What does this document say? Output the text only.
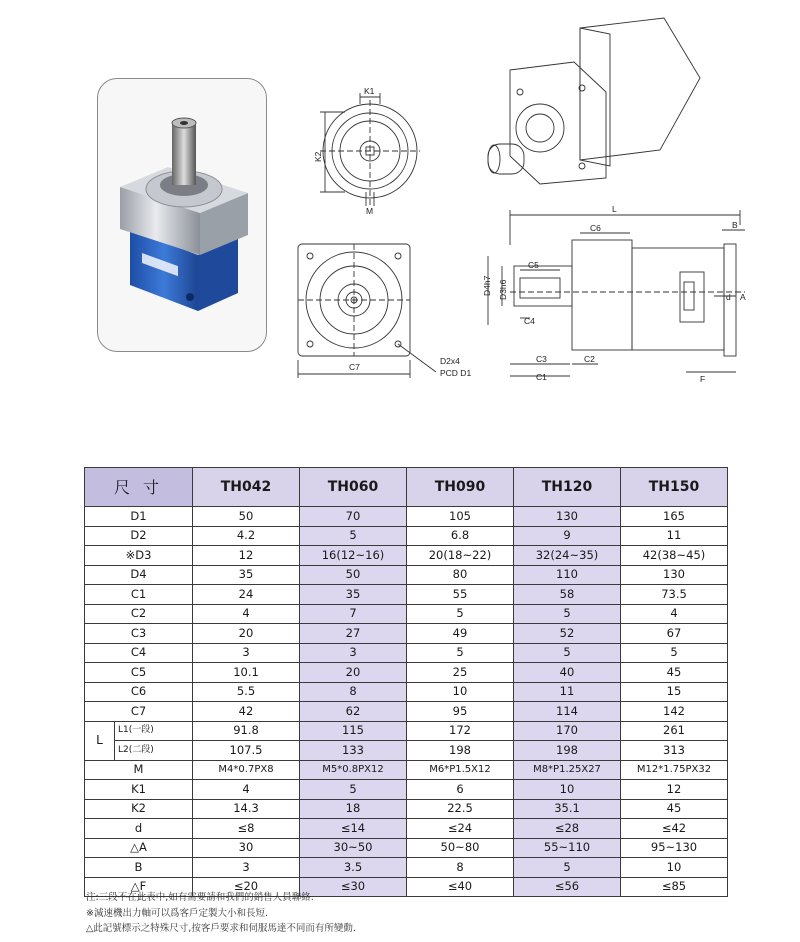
K1
K2
M
C7
D2x4
PCD D1
L
C6	B
C5
D4h7 D3h6
C4
d A
C3	C2
C1	F
尺 寸		TH042	TH060	TH090	TH120	TH150
D1		50	70	105	130	165
D2		4.2	5	6.8	9	11
※D3		12	16(12~16)	20(18~22)	32(24~35)	42(38~45)
D4		35	50	80	110	130
C1		24	35	55	58	73.5
C2		4	7	5	5	4
C3		20	27	49	52	67
C4		3	3	5	5	5
C5		10.1	20	25	40	45
C6		5.5	8	10	11	15
C7		42	62	95	114	142
L	L1(一段)	91.8	115	172	170	261
	L2(二段)	107.5	133	198	198	313
M		M4*0.7PX8	M5*0.8PX12	M6*P1.5X12	M8*P1.25X27	M12*1.75PX32
K1		4	5	6	10	12
K2		14.3	18	22.5	35.1	45
d		≤8	≤14	≤24	≤28	≤42
△A		30	30~50	50~80	55~110	95~130
B		3	3.5	8	5	10
△F		≤20	≤30	≤40	≤56	≤85
注:三段不在此表中,如有需要請和我們的銷售人員聯絡.
※減速機出力軸可以爲客戶定製大小和長短.
△此記號標示之特殊尺寸,按客戶要求和伺服馬達不同而有所變動.
